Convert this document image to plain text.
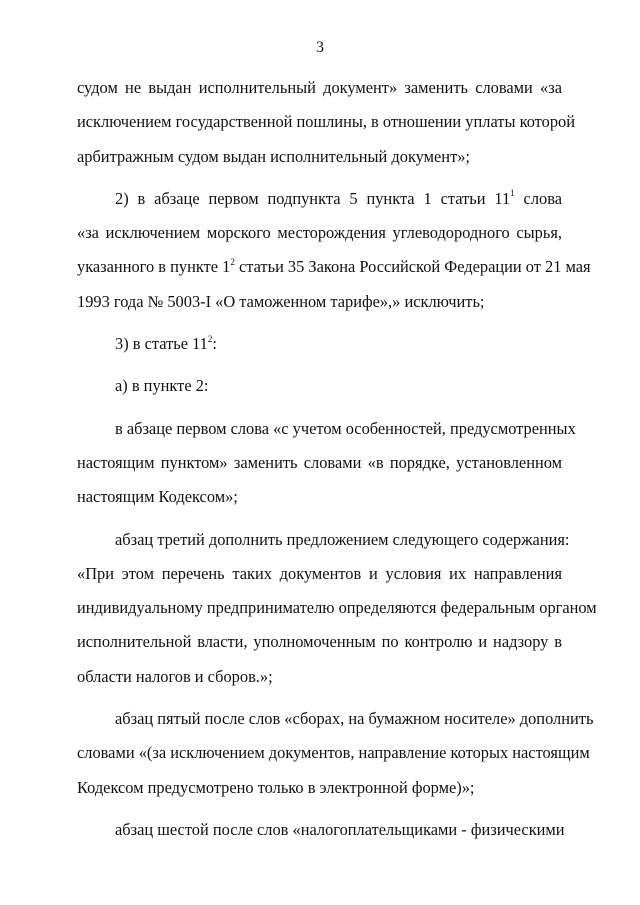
3
судом не выдан исполнительный документ» заменить словами «за
исключением государственной пошлины, в отношении уплаты которой
арбитражным судом выдан исполнительный документ»;
2) в абзаце первом подпункта 5 пункта 1 статьи $11^1$ слова
«за исключением морского месторождения углеводородного сырья,
указанного в пункте $1^2$ статьи 35 Закона Российской Федерации от 21 мая
1993 года № 5003-I «О таможенном тарифе»,» исключить;
3) в статье $11^2$:
а) в пункте 2:
в абзаце первом слова «с учетом особенностей, предусмотренных
настоящим пунктом» заменить словами «в порядке, установленном
настоящим Кодексом»;
абзац третий дополнить предложением следующего содержания:
«При этом перечень таких документов и условия их направления
индивидуальному предпринимателю определяются федеральным органом
исполнительной власти, уполномоченным по контролю и надзору в
области налогов и сборов.»;
абзац пятый после слов «сборах, на бумажном носителе» дополнить
словами «(за исключением документов, направление которых настоящим
Кодексом предусмотрено только в электронной форме)»;
абзац шестой после слов «налогоплательщиками - физическими
